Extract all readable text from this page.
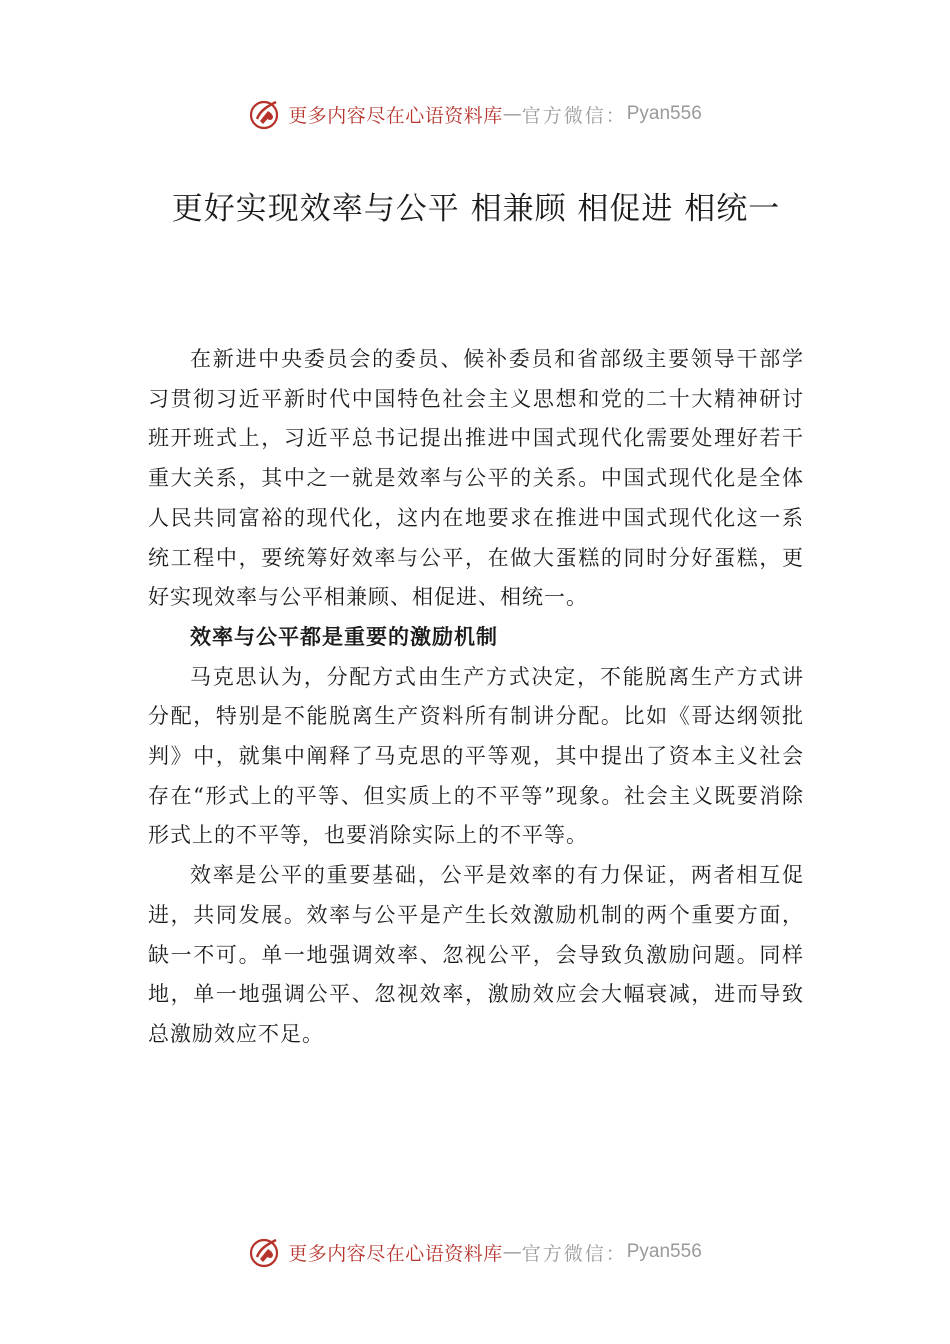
更多内容尽在心语资料库 — 官方微信： Pyan556
更好实现效率与公平 相兼顾 相促进 相统一

在新进中央委员会的委员、候补委员和省部级主要领导干部学习贯彻习近平新时代中国特色社会主义思想和党的二十大精神研讨班开班式上，习近平总书记提出推进中国式现代化需要处理好若干重大关系，其中之一就是效率与公平的关系。中国式现代化是全体人民共同富裕的现代化，这内在地要求在推进中国式现代化这一系统工程中，要统筹好效率与公平，在做大蛋糕的同时分好蛋糕，更好实现效率与公平相兼顾、相促进、相统一。

效率与公平都是重要的激励机制

马克思认为，分配方式由生产方式决定，不能脱离生产方式讲分配，特别是不能脱离生产资料所有制讲分配。比如《哥达纲领批判》中，就集中阐释了马克思的平等观，其中提出了资本主义社会存在“形式上的平等、但实质上的不平等”现象。社会主义既要消除形式上的不平等，也要消除实际上的不平等。

效率是公平的重要基础，公平是效率的有力保证，两者相互促进，共同发展。效率与公平是产生长效激励机制的两个重要方面，缺一不可。单一地强调效率、忽视公平，会导致负激励问题。同样地，单一地强调公平、忽视效率，激励效应会大幅衰减，进而导致总激励效应不足。

更多内容尽在心语资料库 — 官方微信： Pyan556
